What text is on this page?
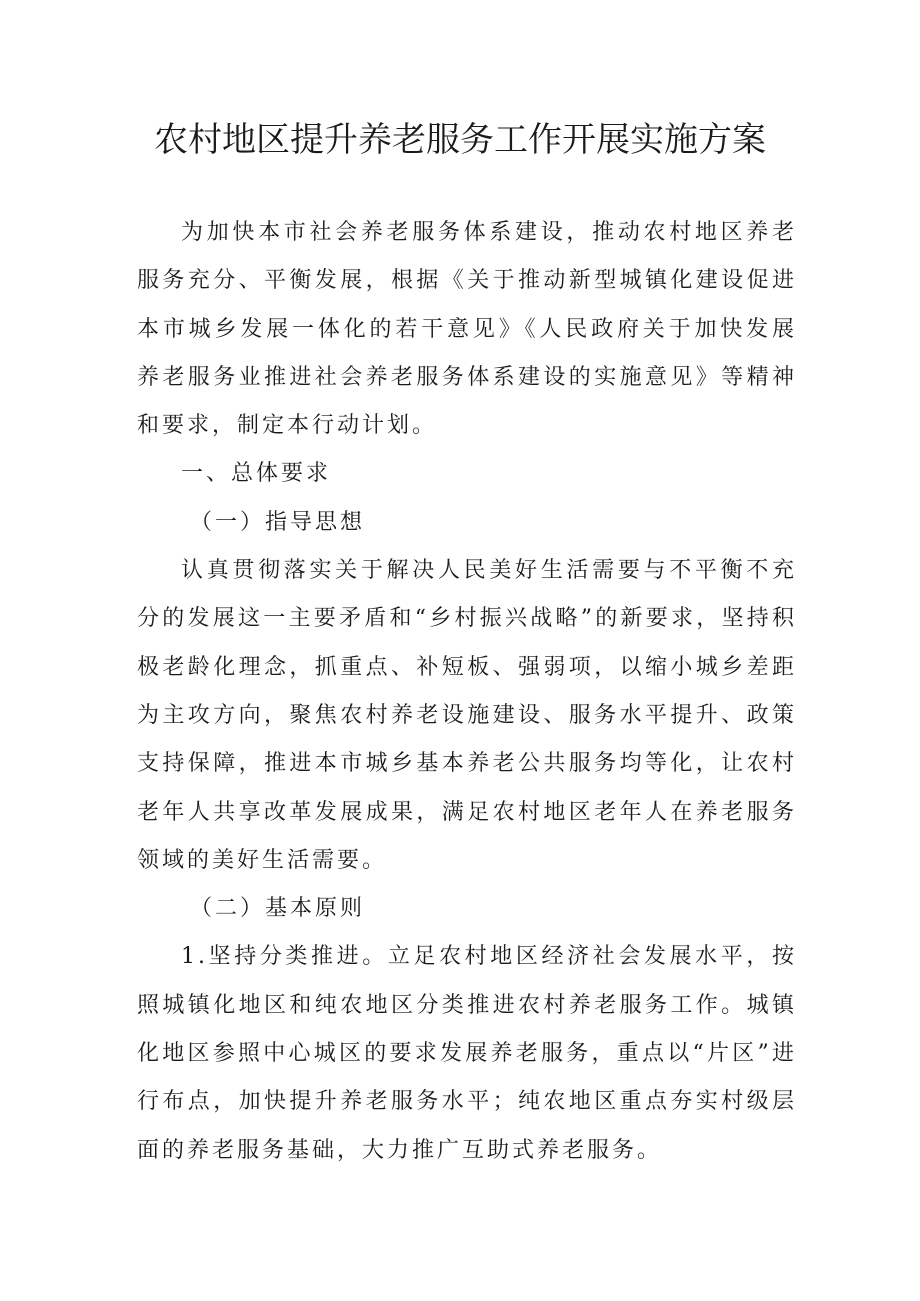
农村地区提升养老服务工作开展实施方案

为加快本市社会养老服务体系建设，推动农村地区养老服务充分、平衡发展，根据《关于推动新型城镇化建设促进本市城乡发展一体化的若干意见》《人民政府关于加快发展养老服务业推进社会养老服务体系建设的实施意见》等精神和要求，制定本行动计划。

一、总体要求

（一）指导思想

认真贯彻落实关于解决人民美好生活需要与不平衡不充分的发展这一主要矛盾和“乡村振兴战略”的新要求，坚持积极老龄化理念，抓重点、补短板、强弱项，以缩小城乡差距为主攻方向，聚焦农村养老设施建设、服务水平提升、政策支持保障，推进本市城乡基本养老公共服务均等化，让农村老年人共享改革发展成果，满足农村地区老年人在养老服务领域的美好生活需要。

（二）基本原则

1.坚持分类推进。立足农村地区经济社会发展水平，按照城镇化地区和纯农地区分类推进农村养老服务工作。城镇化地区参照中心城区的要求发展养老服务，重点以“片区”进行布点，加快提升养老服务水平；纯农地区重点夯实村级层面的养老服务基础，大力推广互助式养老服务。
